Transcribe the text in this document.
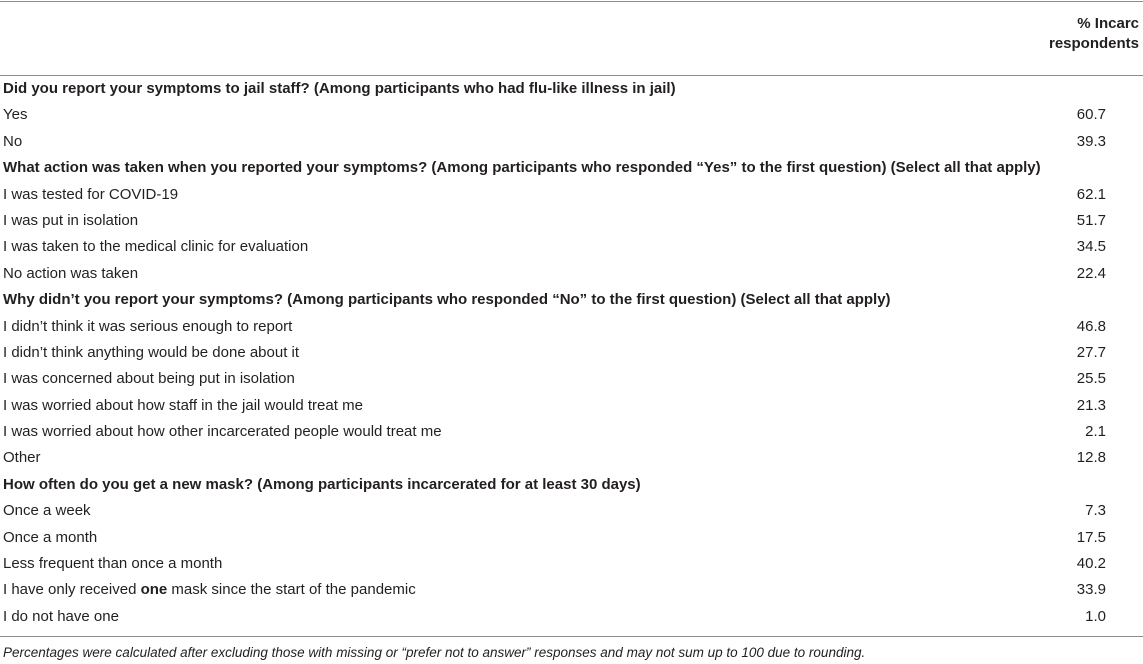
% Incarc
respondents
Did you report your symptoms to jail staff? (Among participants who had flu-like illness in jail)
Yes	60.7
No	39.3
What action was taken when you reported your symptoms? (Among participants who responded “Yes” to the first question) (Select all that apply)
I was tested for COVID-19	62.1
I was put in isolation	51.7
I was taken to the medical clinic for evaluation	34.5
No action was taken	22.4
Why didn’t you report your symptoms? (Among participants who responded “No” to the first question) (Select all that apply)
I didn’t think it was serious enough to report	46.8
I didn’t think anything would be done about it	27.7
I was concerned about being put in isolation	25.5
I was worried about how staff in the jail would treat me	21.3
I was worried about how other incarcerated people would treat me	2.1
Other	12.8
How often do you get a new mask? (Among participants incarcerated for at least 30 days)
Once a week	7.3
Once a month	17.5
Less frequent than once a month	40.2
I have only received one mask since the start of the pandemic	33.9
I do not have one	1.0
Percentages were calculated after excluding those with missing or “prefer not to answer” responses and may not sum up to 100 due to rounding.
